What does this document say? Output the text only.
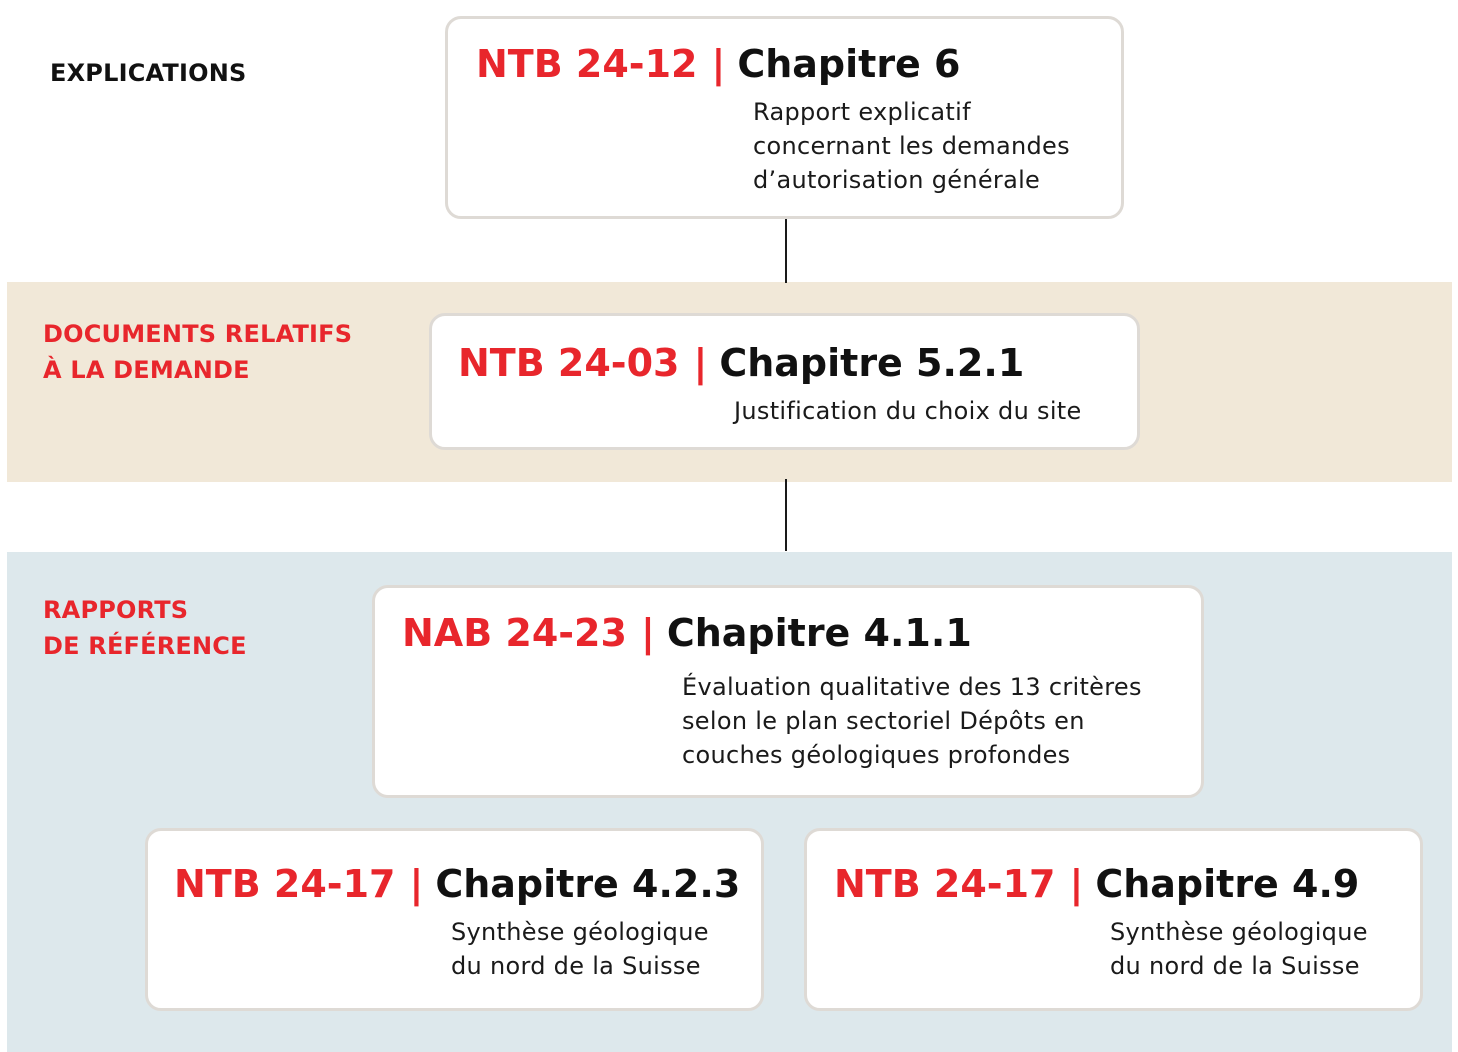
EXPLICATIONS
DOCUMENTS RELATIFS
À LA DEMANDE
RAPPORTS
DE RÉFÉRENCE
NTB 24-12 | Chapitre 6
Rapport explicatif
concernant les demandes
d’autorisation générale
NTB 24-03 | Chapitre 5.2.1
Justification du choix du site
NAB 24-23 | Chapitre 4.1.1
Évaluation qualitative des 13 critères
selon le plan sectoriel Dépôts en
couches géologiques profondes
NTB 24-17 | Chapitre 4.2.3
Synthèse géologique
du nord de la Suisse
NTB 24-17 | Chapitre 4.9
Synthèse géologique
du nord de la Suisse
